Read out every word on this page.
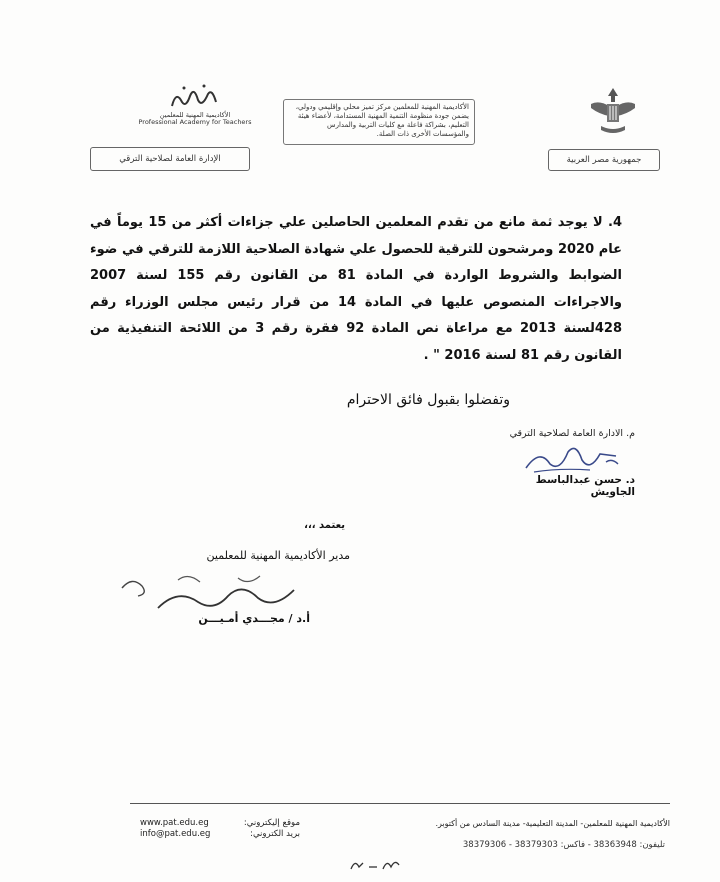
الأكاديمية المهنية للمعلمين
Professional Academy for Teachers
الأكاديمية المهنية للمعلمين مركز تميز محلي وإقليمي ودولي، يضمن جودة منظومة التنمية المهنية المستدامة، لأعضاء هيئة التعليم، بشراكة فاعلة مع كليات التربية والمدارس والمؤسسات الأخرى ذات الصلة.
جمهورية مصر العربية
الإدارة العامة لصلاحية الترقي
4. لا يوجد ثمة مانع من تقدم المعلمين الحاصلين علي جزاءات أكثر من 15 يوماً في عام 2020 ومرشحون للترقية للحصول علي شهادة الصلاحية اللازمة للترقي في ضوء الضوابط والشروط الواردة في المادة 81 من القانون رقم 155 لسنة 2007 والاجراءات المنصوص عليها في المادة 14 من قرار رئيس مجلس الوزراء رقم 428لسنة 2013 مع مراعاة نص المادة 92 فقرة رقم 3 من اللائحة التنفيذية من القانون رقم 81 لسنة 2016 " .
وتفضلوا بقبول فائق الاحترام
م. الادارة العامة لصلاحية الترقي
د. حسن عبدالباسط الجاويش
يعتمد ،،،
مدير الأكاديمية المهنية للمعلمين
أ.د / مجـــدي أمـيـــن
www.pat.edu.eg	موقع إليكتروني:
info@pat.edu.eg	بريد الكتروني:
الأكاديمية المهنية للمعلمين- المدينة التعليمية- مدينة السادس من أكتوبر.
تليفون: 38363948 - فاكس: 38379303 - 38379306
